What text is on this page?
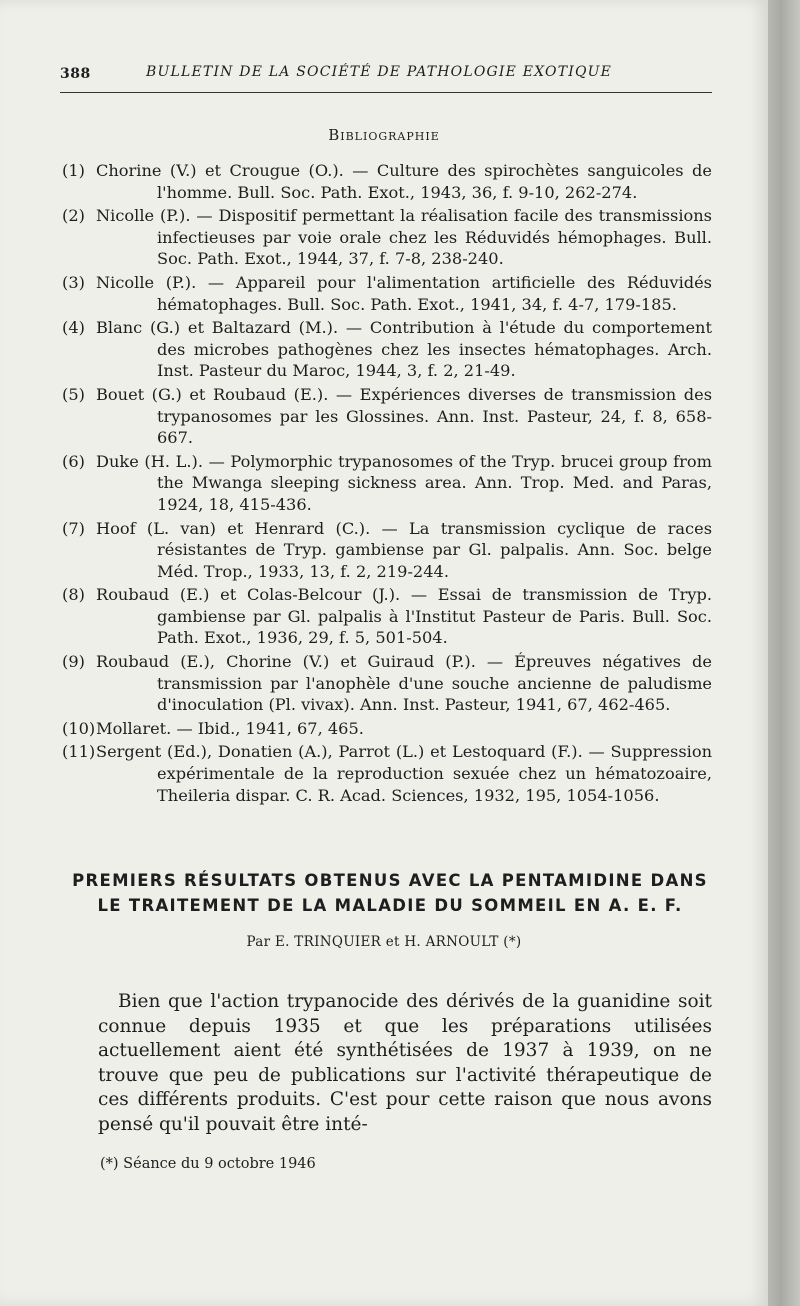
388	BULLETIN DE LA SOCIÉTÉ DE PATHOLOGIE EXOTIQUE
Bibliographie
(1) Chorine (V.) et Crougue (O.). — Culture des spirochètes sanguicoles de l'homme. Bull. Soc. Path. Exot., 1943, 36, f. 9-10, 262-274.
(2) Nicolle (P.). — Dispositif permettant la réalisation facile des transmissions infectieuses par voie orale chez les Réduvidés hémophages. Bull. Soc. Path. Exot., 1944, 37, f. 7-8, 238-240.
(3) Nicolle (P.). — Appareil pour l'alimentation artificielle des Réduvidés hématophages. Bull. Soc. Path. Exot., 1941, 34, f. 4-7, 179-185.
(4) Blanc (G.) et Baltazard (M.). — Contribution à l'étude du comportement des microbes pathogènes chez les insectes hématophages. Arch. Inst. Pasteur du Maroc, 1944, 3, f. 2, 21-49.
(5) Bouet (G.) et Roubaud (E.). — Expériences diverses de transmission des trypanosomes par les Glossines. Ann. Inst. Pasteur, 24, f. 8, 658-667.
(6) Duke (H. L.). — Polymorphic trypanosomes of the Tryp. brucei group from the Mwanga sleeping sickness area. Ann. Trop. Med. and Paras, 1924, 18, 415-436.
(7) Hoof (L. van) et Henrard (C.). — La transmission cyclique de races résistantes de Tryp. gambiense par Gl. palpalis. Ann. Soc. belge Méd. Trop., 1933, 13, f. 2, 219-244.
(8) Roubaud (E.) et Colas-Belcour (J.). — Essai de transmission de Tryp. gambiense par Gl. palpalis à l'Institut Pasteur de Paris. Bull. Soc. Path. Exot., 1936, 29, f. 5, 501-504.
(9) Roubaud (E.), Chorine (V.) et Guiraud (P.). — Épreuves négatives de transmission par l'anophèle d'une souche ancienne de paludisme d'inoculation (Pl. vivax). Ann. Inst. Pasteur, 1941, 67, 462-465.
(10)Mollaret. — Ibid., 1941, 67, 465.
(11)Sergent (Ed.), Donatien (A.), Parrot (L.) et Lestoquard (F.). — Suppression expérimentale de la reproduction sexuée chez un hématozoaire, Theileria dispar. C. R. Acad. Sciences, 1932, 195, 1054-1056.
PREMIERS RÉSULTATS OBTENUS AVEC LA PENTAMIDINE DANS LE TRAITEMENT DE LA MALADIE DU SOMMEIL EN A. E. F.
Par E. TRINQUIER et H. ARNOULT (*)
Bien que l'action trypanocide des dérivés de la guanidine soit connue depuis 1935 et que les préparations utilisées actuellement aient été synthétisées de 1937 à 1939, on ne trouve que peu de publications sur l'activité thérapeutique de ces différents produits. C'est pour cette raison que nous avons pensé qu'il pouvait être inté-
(*) Séance du 9 octobre 1946
